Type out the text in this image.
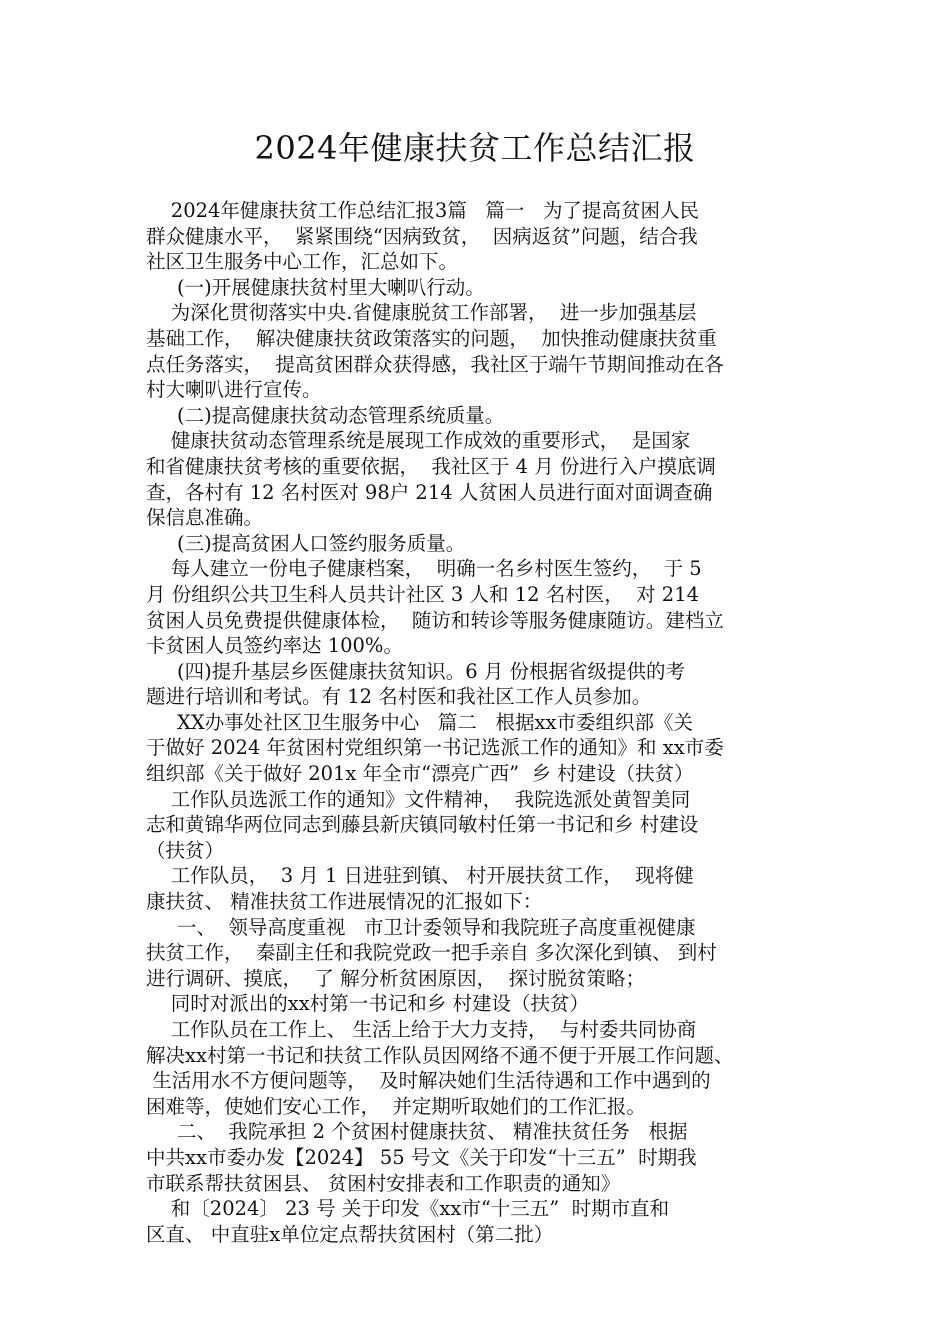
2024年健康扶贫工作总结汇报
2024年健康扶贫工作总结汇报3篇   篇一   为了提高贫困人民
群众健康水平，  紧紧围绕“因病致贫，  因病返贫”问题，结合我
社区卫生服务中心工作，汇总如下。
(一)开展健康扶贫村里大喇叭行动。
为深化贯彻落实中央.省健康脱贫工作部署，  进一步加强基层
基础工作，  解决健康扶贫政策落实的问题，  加快推动健康扶贫重
点任务落实，  提高贫困群众获得感，我社区于端午节期间推动在各
村大喇叭进行宣传。
(二)提高健康扶贫动态管理系统质量。
健康扶贫动态管理系统是展现工作成效的重要形式，  是国家
和省健康扶贫考核的重要依据，  我社区于 4 月 份进行入户摸底调
查，各村有 12 名村医对 98户 214 人贫困人员进行面对面调查确
保信息准确。
(三)提高贫困人口签约服务质量。
每人建立一份电子健康档案，  明确一名乡村医生签约，  于 5
月 份组织公共卫生科人员共计社区 3 人和 12 名村医，  对 214
贫困人员免费提供健康体检，  随访和转诊等服务健康随访。建档立
卡贫困人员签约率达 100%。
(四)提升基层乡医健康扶贫知识。6 月 份根据省级提供的考
题进行培训和考试。有 12 名村医和我社区工作人员参加。
XX办事处社区卫生服务中心   篇二   根据xx市委组织部《关
于做好 2024 年贫困村党组织第一书记选派工作的通知》和 xx市委
组织部《关于做好 201x 年全市“漂亮广西”  乡 村建设（扶贫）
工作队员选派工作的通知》文件精神，  我院选派处黄智美同
志和黄锦华两位同志到藤县新庆镇同敏村任第一书记和乡 村建设
（扶贫）
工作队员，  3 月 1 日进驻到镇、 村开展扶贫工作，  现将健
康扶贫、 精准扶贫工作进展情况的汇报如下：
一、  领导高度重视   市卫计委领导和我院班子高度重视健康
扶贫工作，  秦副主任和我院党政一把手亲自 多次深化到镇、 到村
进行调研、摸底，  了 解分析贫困原因，  探讨脱贫策略；
同时对派出的xx村第一书记和乡 村建设（扶贫）
工作队员在工作上、 生活上给于大力支持，  与村委共同协商
解决xx村第一书记和扶贫工作队员因网络不通不便于开展工作问题、
生活用水不方便问题等，  及时解决她们生活待遇和工作中遇到的
困难等，使她们安心工作，  并定期听取她们的工作汇报。
二、  我院承担 2 个贫困村健康扶贫、 精准扶贫任务   根据
中共xx市委办发【2024】 55 号文《关于印发“十三五”  时期我
市联系帮扶贫困县、 贫困村安排表和工作职责的通知》
和〔2024〕 23 号 关于印发《xx市“十三五”  时期市直和
区直、 中直驻x单位定点帮扶贫困村（第二批）
